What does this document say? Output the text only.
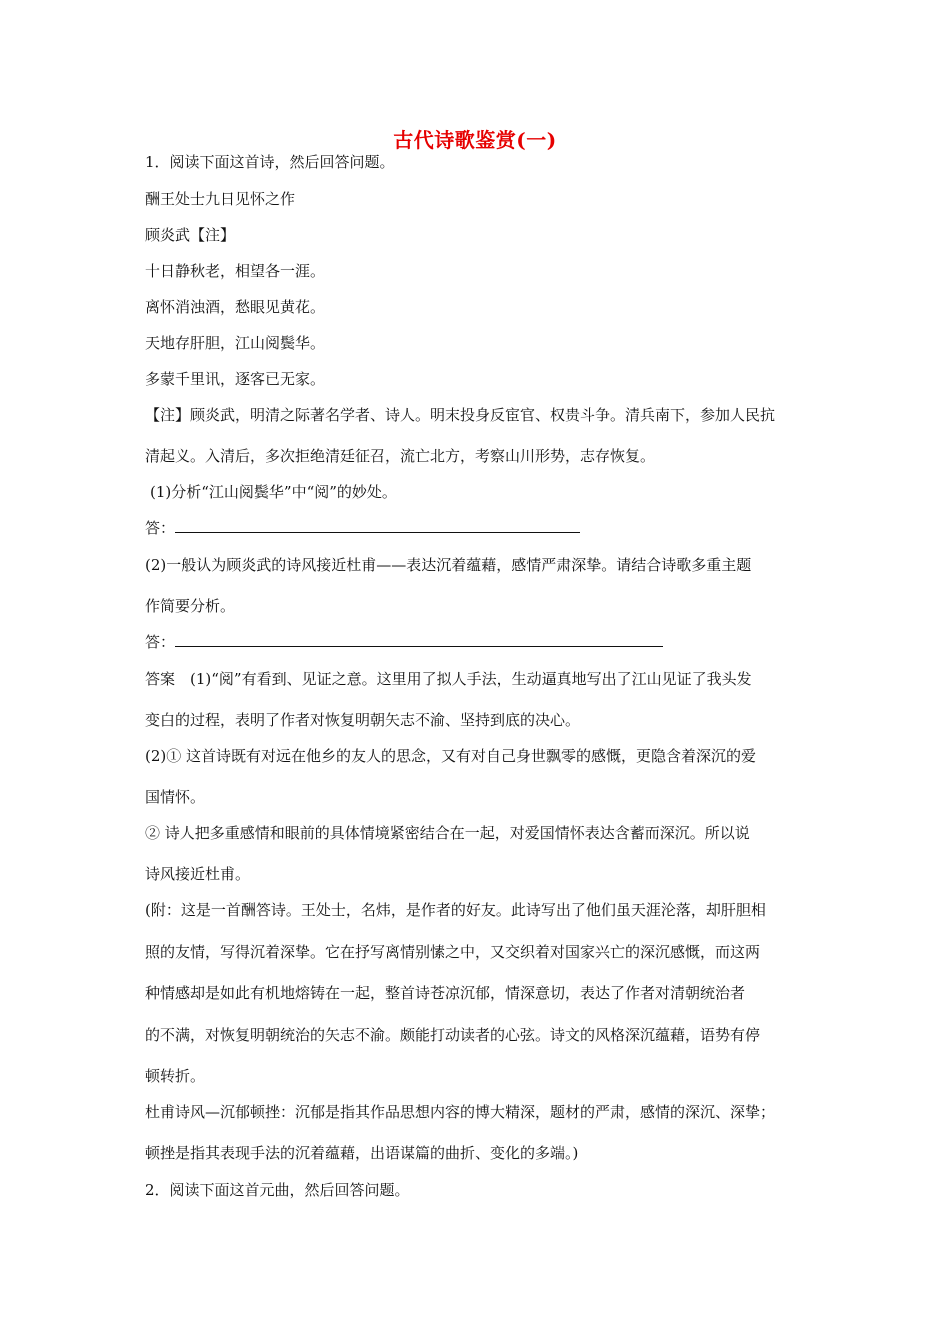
古代诗歌鉴赏(一)
1．阅读下面这首诗，然后回答问题。
酬王处士九日见怀之作
顾炎武【注】
十日静秋老，相望各一涯。
离怀消浊酒，愁眼见黄花。
天地存肝胆，江山阅鬓华。
多蒙千里讯，逐客已无家。
【注】顾炎武，明清之际著名学者、诗人。明末投身反宦官、权贵斗争。清兵南下，参加人民抗
清起义。入清后，多次拒绝清廷征召，流亡北方，考察山川形势，志存恢复。
(1)分析“江山阅鬓华”中“阅”的妙处。
答：
(2)一般认为顾炎武的诗风接近杜甫——表达沉着蕴藉，感情严肃深挚。请结合诗歌多重主题
作简要分析。
答：
答案　(1)“阅”有看到、见证之意。这里用了拟人手法，生动逼真地写出了江山见证了我头发
变白的过程，表明了作者对恢复明朝矢志不渝、坚持到底的决心。
(2)① 这首诗既有对远在他乡的友人的思念，又有对自己身世飘零的感慨，更隐含着深沉的爱
国情怀。
② 诗人把多重感情和眼前的具体情境紧密结合在一起，对爱国情怀表达含蓄而深沉。所以说
诗风接近杜甫。
(附：这是一首酬答诗。王处士，名炜，是作者的好友。此诗写出了他们虽天涯沦落，却肝胆相
照的友情，写得沉着深挚。它在抒写离情别愫之中，又交织着对国家兴亡的深沉感慨，而这两
种情感却是如此有机地熔铸在一起，整首诗苍凉沉郁，情深意切，表达了作者对清朝统治者
的不满，对恢复明朝统治的矢志不渝。颇能打动读者的心弦。诗文的风格深沉蕴藉，语势有停
顿转折。
杜甫诗风—沉郁顿挫：沉郁是指其作品思想内容的博大精深，题材的严肃，感情的深沉、深挚；
顿挫是指其表现手法的沉着蕴藉，出语谋篇的曲折、变化的多端。)
2．阅读下面这首元曲，然后回答问题。
